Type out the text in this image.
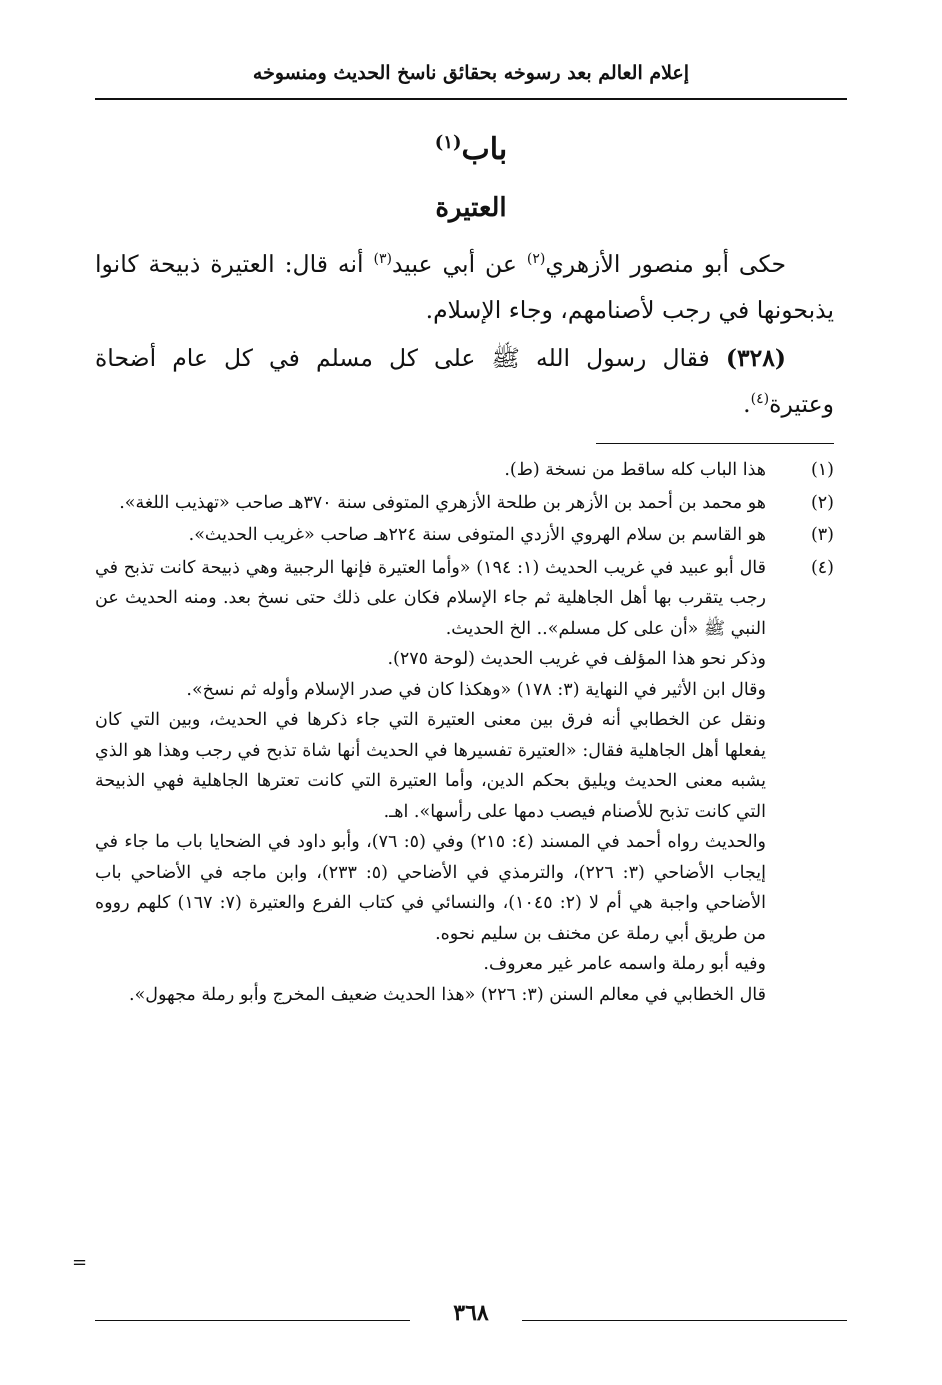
إعلام العالم بعد رسوخه بحقائق ناسخ الحديث ومنسوخه
باب$^{(١)}$
العتيرة

حكى أبو منصور الأزهري$^{(٢)}$ عن أبي عبيد$^{(٣)}$ أنه قال: العتيرة ذبيحة كانوا يذبحونها في رجب لأصنامهم، وجاء الإسلام.

(٣٢٨) فقال رسول الله ﷺ على كل مسلم في كل عام أضحاة وعتيرة$^{(٤)}$.

(١)

هذا الباب كله ساقط من نسخة (ط).

(٢)

هو محمد بن أحمد بن الأزهر بن طلحة الأزهري المتوفى سنة ٣٧٠هـ صاحب «تهذيب اللغة».

(٣)

هو القاسم بن سلام الهروي الأزدي المتوفى سنة ٢٢٤هـ صاحب «غريب الحديث».

(٤)

قال أبو عبيد في غريب الحديث (١: ١٩٤) «وأما العتيرة فإنها الرجبية وهي ذبيحة كانت تذبح في رجب يتقرب بها أهل الجاهلية ثم جاء الإسلام فكان على ذلك حتى نسخ بعد. ومنه الحديث عن النبي ﷺ «أن على كل مسلم».. الخ الحديث.

وذكر نحو هذا المؤلف في غريب الحديث (لوحة ٢٧٥).

وقال ابن الأثير في النهاية (٣: ١٧٨) «وهكذا كان في صدر الإسلام وأوله ثم نسخ».

ونقل عن الخطابي أنه فرق بين معنى العتيرة التي جاء ذكرها في الحديث، وبين التي كان يفعلها أهل الجاهلية فقال: «العتيرة تفسيرها في الحديث أنها شاة تذبح في رجب وهذا هو الذي يشبه معنى الحديث ويليق بحكم الدين، وأما العتيرة التي كانت تعترها الجاهلية فهي الذبيحة التي كانت تذبح للأصنام فيصب دمها على رأسها». اهـ.

والحديث رواه أحمد في المسند (٤: ٢١٥) وفي (٥: ٧٦)، وأبو داود في الضحايا باب ما جاء في إيجاب الأضاحي (٣: ٢٢٦)، والترمذي في الأضاحي (٥: ٢٣٣)، وابن ماجه في الأضاحي باب الأضاحي واجبة هي أم لا (٢: ١٠٤٥)، والنسائي في كتاب الفرع والعتيرة (٧: ١٦٧) كلهم رووه من طريق أبي رملة عن مخنف بن سليم نحوه.

وفيه أبو رملة واسمه عامر غير معروف.

قال الخطابي في معالم السنن (٣: ٢٢٦) «هذا الحديث ضعيف المخرج وأبو رملة مجهول».

=
٣٦٨
